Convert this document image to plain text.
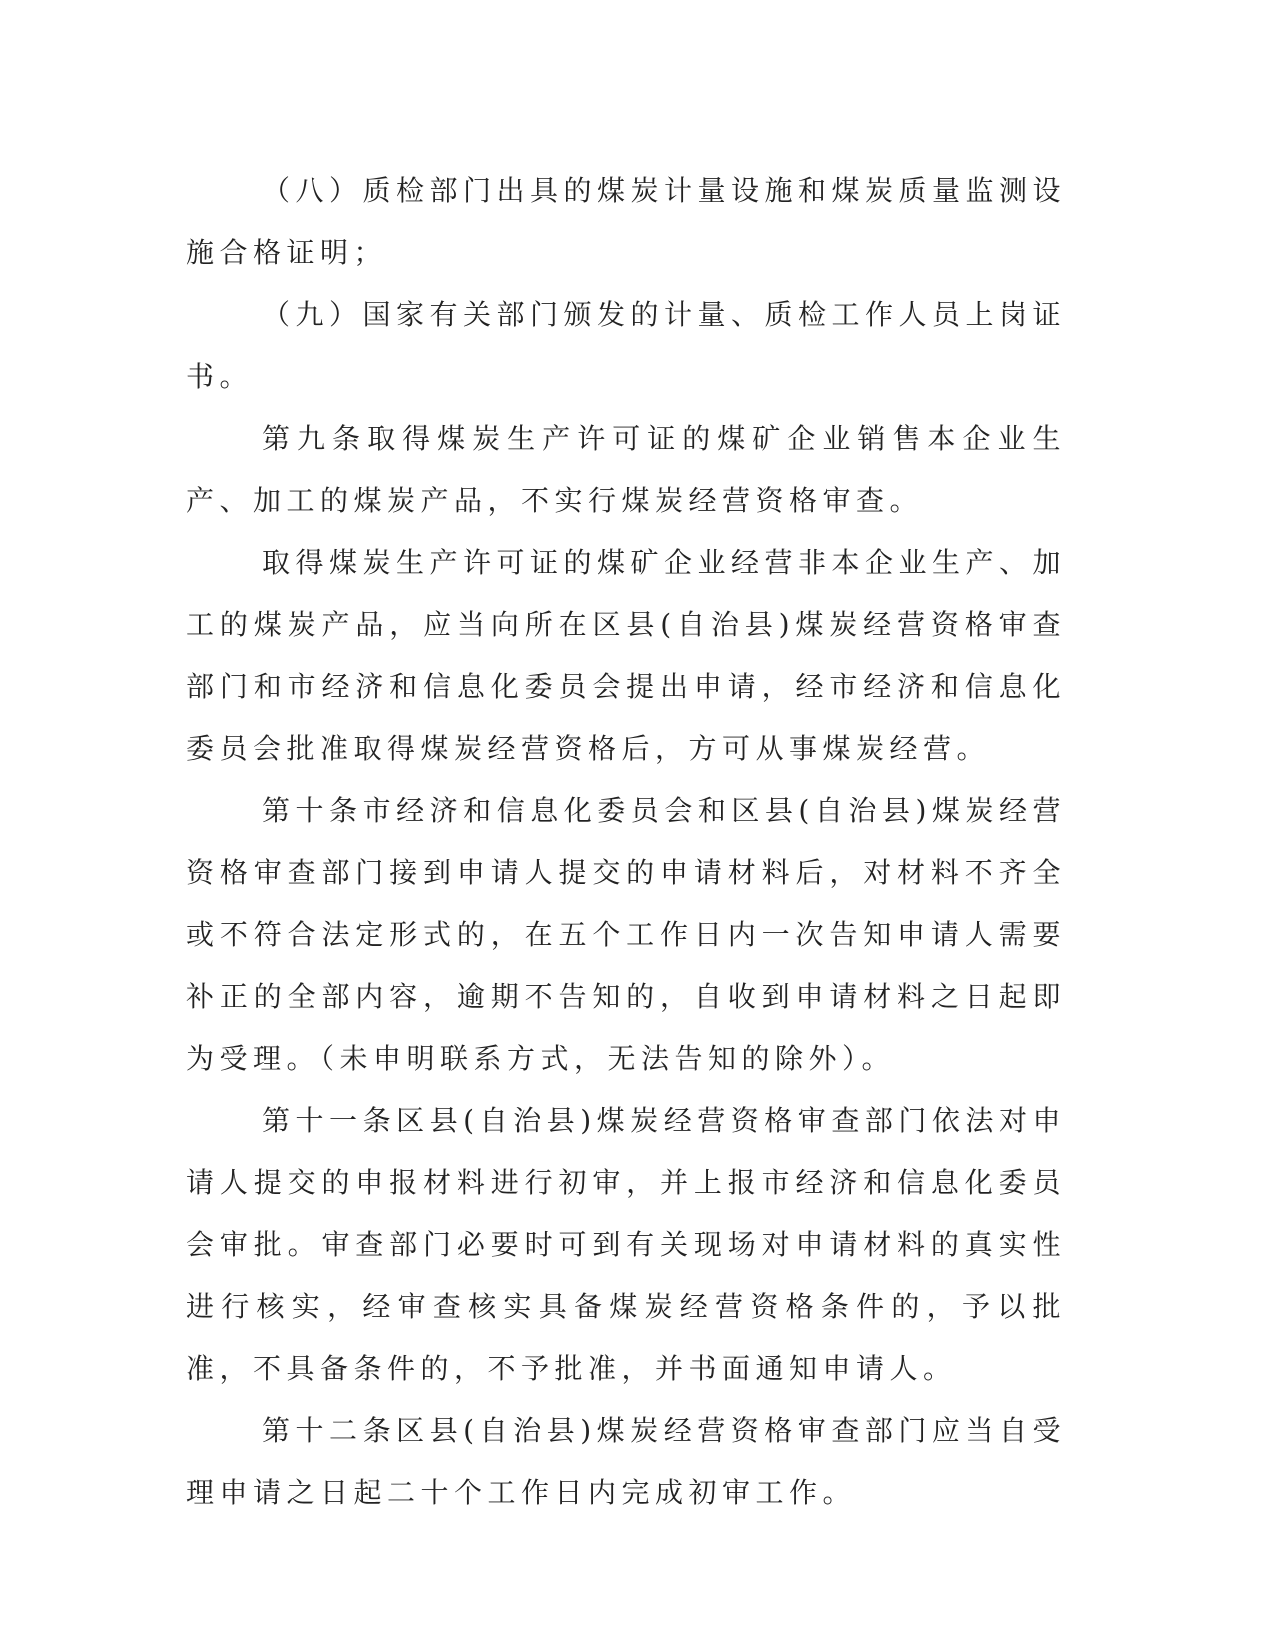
（八）质检部门出具的煤炭计量设施和煤炭质量监测设施合格证明；

（九）国家有关部门颁发的计量、质检工作人员上岗证书。

第九条取得煤炭生产许可证的煤矿企业销售本企业生产、加工的煤炭产品，不实行煤炭经营资格审查。

取得煤炭生产许可证的煤矿企业经营非本企业生产、加工的煤炭产品，应当向所在区县(自治县)煤炭经营资格审查部门和市经济和信息化委员会提出申请，经市经济和信息化委员会批准取得煤炭经营资格后，方可从事煤炭经营。

第十条市经济和信息化委员会和区县(自治县)煤炭经营资格审查部门接到申请人提交的申请材料后，对材料不齐全或不符合法定形式的，在五个工作日内一次告知申请人需要补正的全部内容，逾期不告知的，自收到申请材料之日起即为受理。（未申明联系方式，无法告知的除外）。

第十一条区县(自治县)煤炭经营资格审查部门依法对申请人提交的申报材料进行初审，并上报市经济和信息化委员会审批。审查部门必要时可到有关现场对申请材料的真实性进行核实，经审查核实具备煤炭经营资格条件的，予以批准，不具备条件的，不予批准，并书面通知申请人。

第十二条区县(自治县)煤炭经营资格审查部门应当自受理申请之日起二十个工作日内完成初审工作。
